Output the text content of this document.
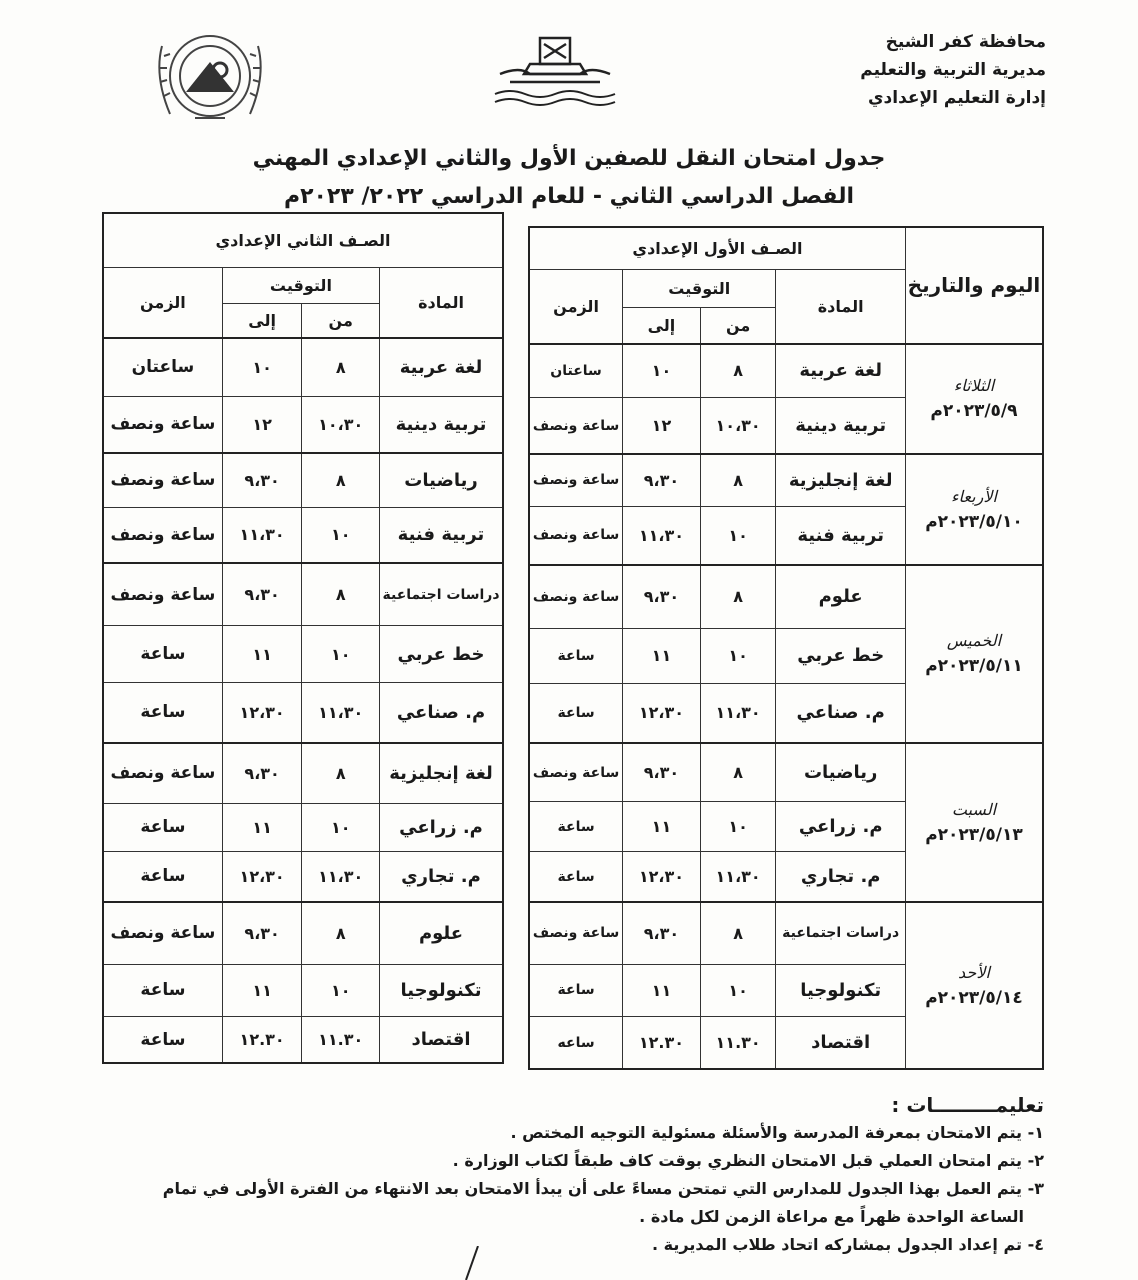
محافظة كفر الشيخ
مديرية التربية والتعليم
إدارة التعليم الإعدادي
جدول امتحان النقل للصفين الأول والثاني الإعدادي المهني
الفصل الدراسي الثاني - للعام الدراسي ٢٠٢٢/ ٢٠٢٣م
الصـف الثاني الإعدادي			
المادة	التوقيت		الزمن
	من	إلى	
لغة عربية	٨	١٠	ساعتان
تربية دينية	١٠،٣٠	١٢	ساعة ونصف
رياضيات	٨	٩،٣٠	ساعة ونصف
تربية فنية	١٠	١١،٣٠	ساعة ونصف
دراسات اجتماعية	٨	٩،٣٠	ساعة ونصف
خط عربي	١٠	١١	ساعة
م. صناعي	١١،٣٠	١٢،٣٠	ساعة
لغة إنجليزية	٨	٩،٣٠	ساعة ونصف
م. زراعي	١٠	١١	ساعة
م. تجاري	١١،٣٠	١٢،٣٠	ساعة
علوم	٨	٩،٣٠	ساعة ونصف
تكنولوجيا	١٠	١١	ساعة
اقتصاد	١١.٣٠	١٢.٣٠	ساعة
اليوم والتاريخ	الصـف الأول الإعدادي			
	المادة	التوقيت		الزمن
		من	إلى	

الثلاثاء
٢٠٢٣/٥/٩م	لغة عربية	٨	١٠	ساعتان
	تربية دينية	١٠،٣٠	١٢	ساعة ونصف

الأربعاء
٢٠٢٣/٥/١٠م	لغة إنجليزية	٨	٩،٣٠	ساعة ونصف
	تربية فنية	١٠	١١،٣٠	ساعة ونصف

الخميس
٢٠٢٣/٥/١١م	علوم	٨	٩،٣٠	ساعة ونصف
	خط عربي	١٠	١١	ساعة
	م. صناعي	١١،٣٠	١٢،٣٠	ساعة

السبت
٢٠٢٣/٥/١٣م	رياضيات	٨	٩،٣٠	ساعة ونصف
	م. زراعي	١٠	١١	ساعة
	م. تجاري	١١،٣٠	١٢،٣٠	ساعة

الأحد
٢٠٢٣/٥/١٤م	دراسات اجتماعية	٨	٩،٣٠	ساعة ونصف
	تكنولوجيا	١٠	١١	ساعة
	اقتصاد	١١.٣٠	١٢.٣٠	ساعه
تعليمـــــــــات :
١- يتم الامتحان بمعرفة المدرسة والأسئلة مسئولية التوجيه المختص .
٢- يتم امتحان العملي قبل الامتحان النظري بوقت كاف طبقاً لكتاب الوزارة .
٣- يتم العمل بهذا الجدول للمدارس التي تمتحن مساءً على أن يبدأ الامتحان بعد الانتهاء من الفترة الأولى في تمام
الساعة الواحدة ظهراً مع مراعاة الزمن لكل مادة .
٤- تم إعداد الجدول بمشاركه اتحاد طلاب المديرية .
